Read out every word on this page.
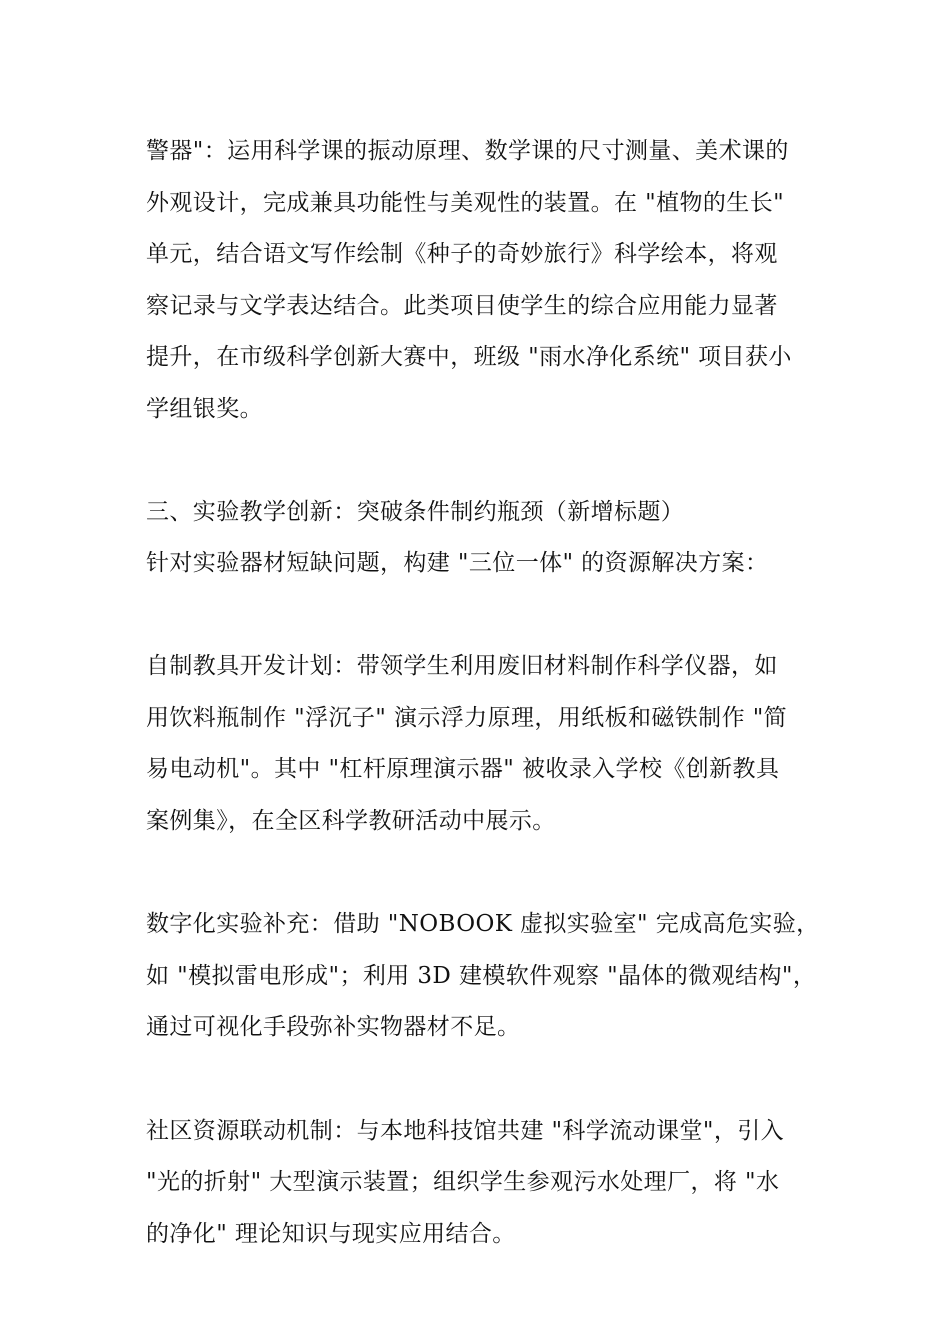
警器"：运用科学课的振动原理、数学课的尺寸测量、美术课的
外观设计，完成兼具功能性与美观性的装置。在 "植物的生长"
单元，结合语文写作绘制《种子的奇妙旅行》科学绘本，将观
察记录与文学表达结合。此类项目使学生的综合应用能力显著
提升，在市级科学创新大赛中，班级 "雨水净化系统" 项目获小
学组银奖。
三、实验教学创新：突破条件制约瓶颈（新增标题）
针对实验器材短缺问题，构建 "三位一体" 的资源解决方案：
自制教具开发计划：带领学生利用废旧材料制作科学仪器，如
用饮料瓶制作 "浮沉子" 演示浮力原理，用纸板和磁铁制作 "简
易电动机"。其中 "杠杆原理演示器" 被收录入学校《创新教具
案例集》，在全区科学教研活动中展示。
数字化实验补充：借助 "NOBOOK 虚拟实验室" 完成高危实验，
如 "模拟雷电形成"；利用 3D 建模软件观察 "晶体的微观结构"，
通过可视化手段弥补实物器材不足。
社区资源联动机制：与本地科技馆共建 "科学流动课堂"，引入
"光的折射" 大型演示装置；组织学生参观污水处理厂，将 "水
的净化" 理论知识与现实应用结合。
